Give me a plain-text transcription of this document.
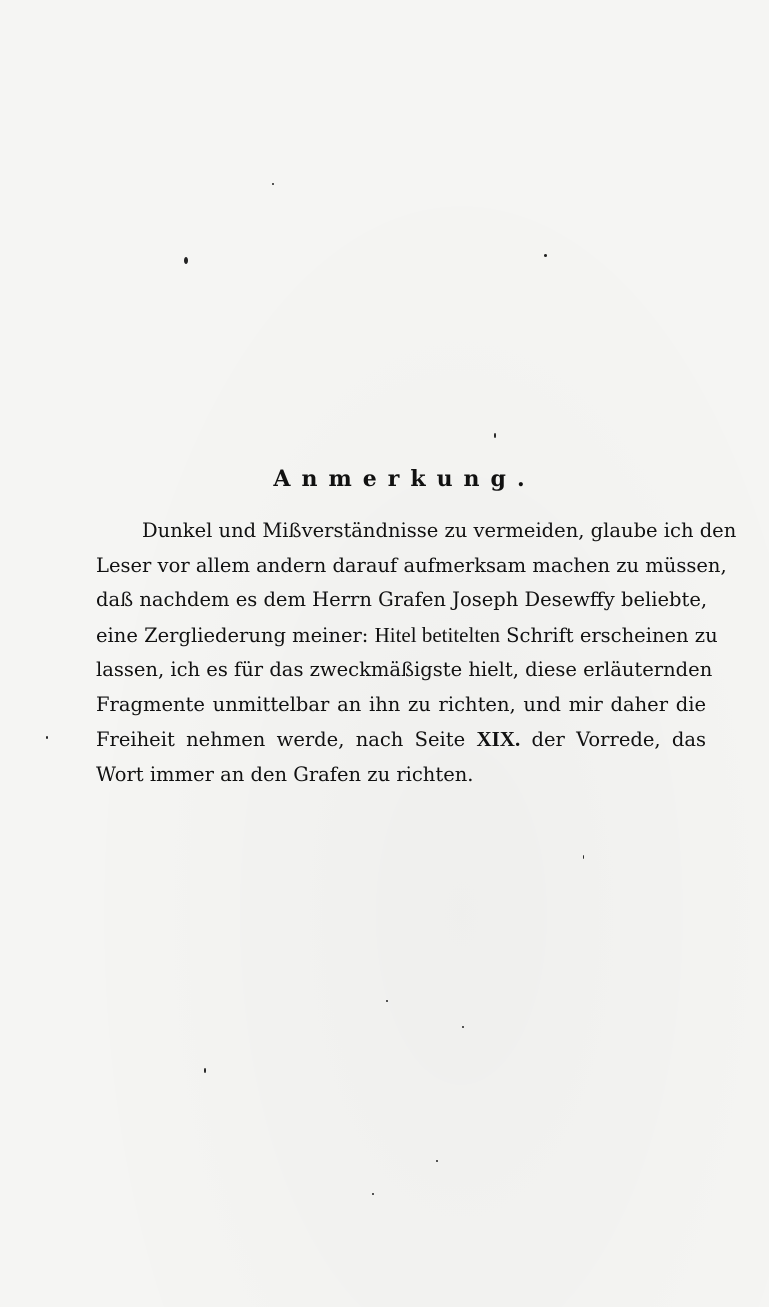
Anmerkung.
Dunkel und Mißverständnisse zu vermeiden, glaube ich den
Leser vor allem andern darauf aufmerksam machen zu müssen,
daß nachdem es dem Herrn Grafen Joseph Desewffy beliebte,
eine Zergliederung meiner: Hitel betitelten Schrift erscheinen zu
lassen, ich es für das zweckmäßigste hielt, diese erläuternden
Fragmente unmittelbar an ihn zu richten, und mir daher die
Freiheit nehmen werde, nach Seite XIX. der Vorrede, das
Wort immer an den Grafen zu richten.
